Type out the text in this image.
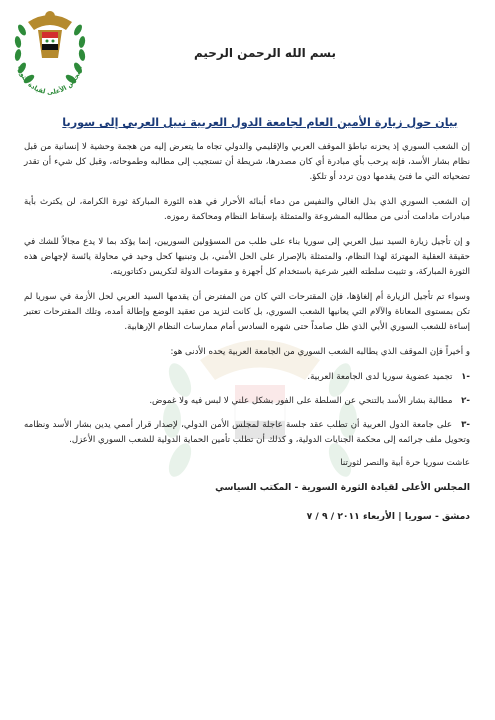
المجلس الأعلى لقيادة الثورة
بسم الله الرحمن الرحيم
بيان حول زيارة الأمين العام لجامعة الدول العربية نبيل العربي إلى سوريا

إن الشعب السوري إذ يحزنه تباطؤ الموقف العربي والإقليمي والدولي تجاه ما يتعرض إليه من هجمة وحشية لا إنسانية من قبل نظام بشار الأسد، فإنه يرحب بأي مبادرة أي كان مصدرها، شريطة أن تستجيب إلى مطالبه وطموحاته، وقبل كل شيء أن تقدر تضحياته التي ما فتئ يقدمها دون تردد أو تلكؤ.

إن الشعب السوري الذي بذل الغالي والنفيس من دماء أبنائه الأحرار في هذه الثورة المباركة ثورة الكرامة، لن يكترث بأية مبادرات مادامت أدنى من مطالبه المشروعة والمتمثلة بإسقاط النظام ومحاكمة رموزه.

و إن تأجيل زيارة السيد نبيل العربي إلى سوريا بناء على طلب من المسؤولين السوريين، إنما يؤكد بما لا يدع مجالاً للشك في حقيقة العقلية المهترئة لهذا النظام، والمتمثلة بالإصرار على الحل الأمني، بل وتبنيها كحل وحيد في محاولة يائسة لإجهاض هذه الثورة المباركة، و تثبيت سلطته الغير شرعية باستخدام كل أجهزة و مقومات الدولة لتكريس دكتاتوريته.

وسواء تم تأجيل الزيارة أم إلغاؤها، فإن المقترحات التي كان من المفترض أن يقدمها السيد العربي لحل الأزمة في سوريا لم تكن بمستوى المعاناة والآلام التي يعانيها الشعب السوري، بل كانت لتزيد من تعقيد الوضع وإطالة أمده، وتلك المقترحات تعتبر إساءة للشعب السوري الأبي الذي ظل صامداً حتى شهره السادس أمام ممارسات النظام الإرهابية.

و أخيراً فإن الموقف الذي يطالبه الشعب السوري من الجامعة العربية يحده الأدنى هو:

-١ تجميد عضوية سوريا لدى الجامعة العربية.
-٢ مطالبة بشار الأسد بالتنحي عن السلطة على الفور بشكل علني لا لبس فيه ولا غموض.
-٣ على جامعة الدول العربية أن تطلب عقد جلسة عاجلة لمجلس الأمن الدولي، لإصدار قرار أممي يدين بشار الأسد ونظامه وتحويل ملف جرائمه إلى محكمة الجنايات الدولية، و كذلك أن تطلب تأمين الحماية الدولية للشعب السوري الأعزل.
عاشت سوريا حرة أبية والنصر لثورتنا
المجلس الأعلى لقيادة الثورة السورية - المكتب السياسي
دمشق - سوريا | الأربعاء ٢٠١١ / ٩ / ٧
